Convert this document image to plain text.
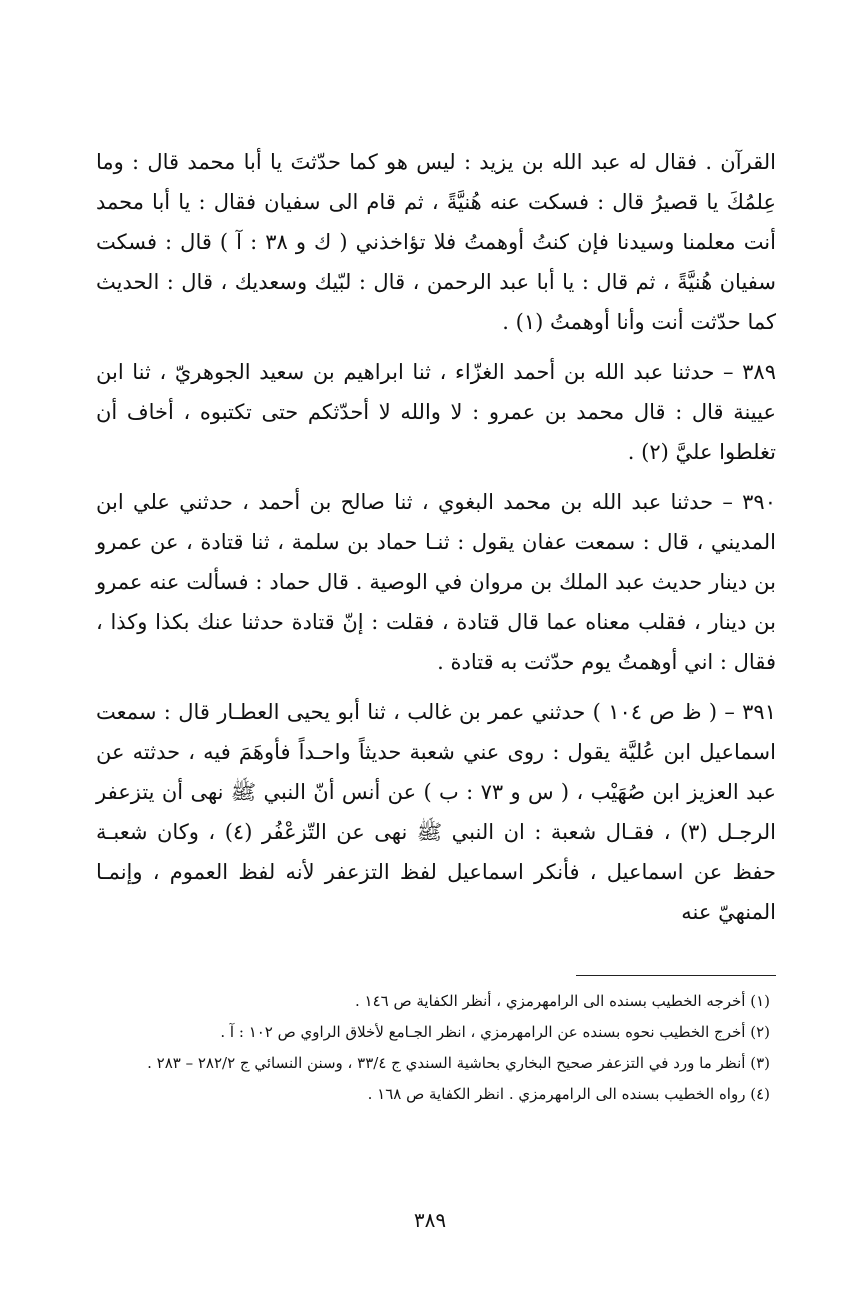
القرآن . فقال له عبد الله بن يزيد : ليس هو كما حدّثتَ يا أبا محمد قال : وما عِلمُكَ يا قصيرُ قال : فسكت عنه هُنيَّةً ، ثم قام الى سفيان فقال : يا أبا محمد أنت معلمنا وسيدنا فإن كنتُ أوهمتُ فلا تؤاخذني ( ك و ٣٨ : آ ) قال : فسكت سفيان هُنيَّةً ، ثم قال : يا أبا عبد الرحمن ، قال : لبّيك وسعديك ، قال : الحديث كما حدّثت أنت وأنا أوهمتُ (١) .

٣٨٩ – حدثنا عبد الله بن أحمد الغزّاء ، ثنا ابراهيم بن سعيد الجوهريّ ، ثنا ابن عيينة قال : قال محمد بن عمرو : لا والله لا أحدّثكم حتى تكتبوه ، أخاف أن تغلطوا عليَّ (٢) .

٣٩٠ – حدثنا عبد الله بن محمد البغوي ، ثنا صالح بن أحمد ، حدثني علي ابن المديني ، قال : سمعت عفان يقول : ثنـا حماد بن سلمة ، ثنا قتادة ، عن عمرو بن دينار حديث عبد الملك بن مروان في الوصية . قال حماد : فسألت عنه عمرو بن دينار ، فقلب معناه عما قال قتادة ، فقلت : إنّ قتادة حدثنا عنك بكذا وكذا ، فقال : اني أوهمتُ يوم حدّثت به قتادة .

٣٩١ – ( ظ ص ١٠٤ ) حدثني عمر بن غالب ، ثنا أبو يحيى العطـار قال : سمعت اسماعيل ابن عُليَّة يقول : روى عني شعبة حديثاً واحـداً فأوهَمَ فيه ، حدثته عن عبد العزيز ابن صُهَيْب ، ( س و ٧٣ : ب ) عن أنس أنّ النبي ﷺ نهى أن يتزعفر الرجـل (٣) ، فقـال شعبة : ان النبي ﷺ نهى عن التّزعْفُر (٤) ، وكان شعبـة حفظ عن اسماعيل ، فأنكر اسماعيل لفظ التزعفر لأنه لفظ العموم ، وإنمـا المنهيّ عنه

(١) أخرجه الخطيب بسنده الى الرامهرمزي ، أنظر الكفاية ص ١٤٦ .

(٢) أخرج الخطيب نحوه بسنده عن الرامهرمزي ، انظر الجـامع لأخلاق الراوي ص ١٠٢ : آ .

(٣) أنظر ما ورد في التزعفر صحيح البخاري بحاشية السندي ج ٣٣/٤ ، وسنن النسائي ج ٢٨٢/٢ – ٢٨٣ .

(٤) رواه الخطيب بسنده الى الرامهرمزي . انظر الكفاية ص ١٦٨ .

٣٨٩
